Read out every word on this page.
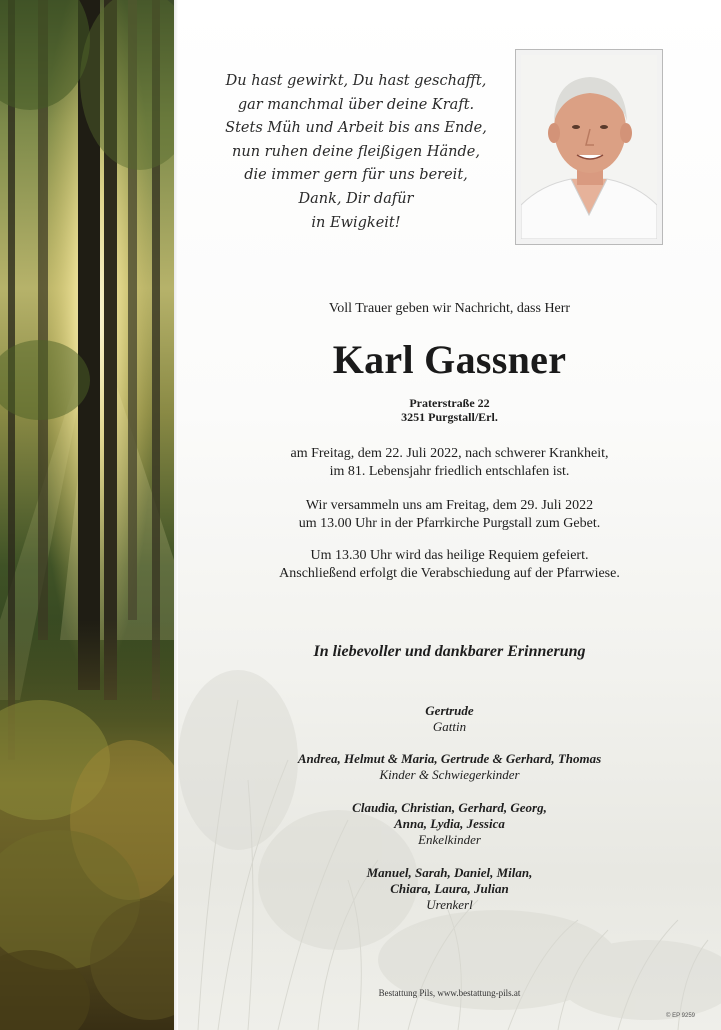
Du hast gewirkt, Du hast geschafft,
gar manchmal über deine Kraft.
Stets Müh und Arbeit bis ans Ende,
nun ruhen deine fleißigen Hände,
die immer gern für uns bereit,
Dank, Dir dafür
in Ewigkeit!
Voll Trauer geben wir Nachricht, dass Herr
Karl Gassner
Praterstraße 22
3251 Purgstall/Erl.
am Freitag, dem 22. Juli 2022, nach schwerer Krankheit,
im 81. Lebensjahr friedlich entschlafen ist.
Wir versammeln uns am Freitag, dem 29. Juli 2022
um 13.00 Uhr in der Pfarrkirche Purgstall zum Gebet.
Um 13.30 Uhr wird das heilige Requiem gefeiert.
Anschließend erfolgt die Verabschiedung auf der Pfarrwiese.
In liebevoller und dankbarer Erinnerung
Gertrude
Gattin
Andrea, Helmut & Maria, Gertrude & Gerhard, Thomas
Kinder & Schwiegerkinder
Claudia, Christian, Gerhard, Georg,
Anna, Lydia, Jessica
Enkelkinder
Manuel, Sarah, Daniel, Milan,
Chiara, Laura, Julian
Urenkerl
Bestattung Pils, www.bestattung-pils.at
© EP 9259
